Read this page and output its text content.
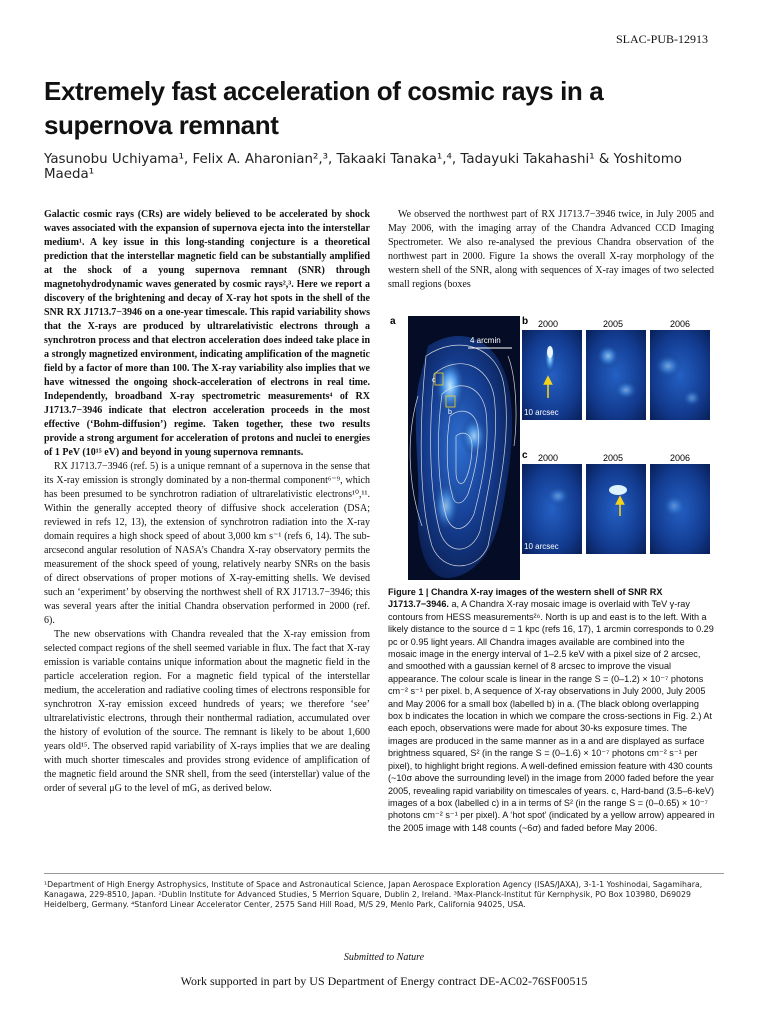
SLAC-PUB-12913
Extremely fast acceleration of cosmic rays in a supernova remnant
Yasunobu Uchiyama¹, Felix A. Aharonian²,³, Takaaki Tanaka¹,⁴, Tadayuki Takahashi¹ & Yoshitomo Maeda¹

Galactic cosmic rays (CRs) are widely believed to be accelerated by shock waves associated with the expansion of supernova ejecta into the interstellar medium¹. A key issue in this long-standing conjecture is a theoretical prediction that the interstellar magnetic field can be substantially amplified at the shock of a young supernova remnant (SNR) through magnetohydrodynamic waves generated by cosmic rays²,³. Here we report a discovery of the brightening and decay of X-ray hot spots in the shell of the SNR RX J1713.7−3946 on a one-year timescale. This rapid variability shows that the X-rays are produced by ultrarelativistic electrons through a synchrotron process and that electron acceleration does indeed take place in a strongly magnetized environment, indicating amplification of the magnetic field by a factor of more than 100. The X-ray variability also implies that we have witnessed the ongoing shock-acceleration of electrons in real time. Independently, broadband X-ray spectrometric measurements⁴ of RX J1713.7−3946 indicate that electron acceleration proceeds in the most effective (‘Bohm-diffusion’) regime. Taken together, these two results provide a strong argument for acceleration of protons and nuclei to energies of 1 PeV (10¹⁵ eV) and beyond in young supernova remnants.

RX J1713.7−3946 (ref. 5) is a unique remnant of a supernova in the sense that its X-ray emission is strongly dominated by a non-thermal component⁶⁻⁹, which has been presumed to be synchrotron radiation of ultrarelativistic electrons¹⁰,¹¹. Within the generally accepted theory of diffusive shock acceleration (DSA; reviewed in refs 12, 13), the extension of synchrotron radiation into the X-ray domain requires a high shock speed of about 3,000 km s⁻¹ (refs 6, 14). The sub-arcsecond angular resolution of NASA’s Chandra X-ray observatory permits the measurement of the shock speed of young, relatively nearby SNRs on the basis of direct observations of proper motions of X-ray-emitting shells. We devised such an ‘experiment’ by observing the northwest shell of RX J1713.7−3946; this was several years after the initial Chandra observation performed in 2000 (ref. 6).

The new observations with Chandra revealed that the X-ray emission from selected compact regions of the shell seemed variable in flux. The fact that X-ray emission is variable contains unique information about the magnetic field in the particle acceleration region. For a magnetic field typical of the interstellar medium, the acceleration and radiative cooling times of electrons responsible for synchrotron X-ray emission exceed hundreds of years; we therefore ‘see’ ultrarelativistic electrons, through their nonthermal radiation, accumulated over the history of evolution of the source. The remnant is likely to be about 1,600 years old¹⁵. The observed rapid variability of X-rays implies that we are dealing with much shorter timescales and provides strong evidence of amplification of the magnetic field around the SNR shell, from the seed (interstellar) value of the order of several μG to the level of mG, as derived below.

We observed the northwest part of RX J1713.7−3946 twice, in July 2005 and May 2006, with the imaging array of the Chandra Advanced CCD Imaging Spectrometer. We also re-analysed the previous Chandra observation of the northwest part in 2000. Figure 1a shows the overall X-ray morphology of the western shell of the SNR, along with sequences of X-ray images of two selected small regions (boxes

c
b
4 arcmin
a	b 2000	2005	2006
10 arcsec
c 2000	2005	2006
10 arcsec
Figure 1 | Chandra X-ray images of the western shell of SNR RX J1713.7−3946. a, A Chandra X-ray mosaic image is overlaid with TeV γ-ray contours from HESS measurements²⁶. North is up and east is to the left. With a likely distance to the source d = 1 kpc (refs 16, 17), 1 arcmin corresponds to 0.29 pc or 0.95 light years. All Chandra images available are combined into the mosaic image in the energy interval of 1–2.5 keV with a pixel size of 2 arcsec, and smoothed with a gaussian kernel of 8 arcsec to improve the visual appearance. The colour scale is linear in the range S = (0–1.2) × 10⁻⁷ photons cm⁻² s⁻¹ per pixel. b, A sequence of X-ray observations in July 2000, July 2005 and May 2006 for a small box (labelled b) in a. (The black oblong overlapping box b indicates the location in which we compare the cross-sections in Fig. 2.) At each epoch, observations were made for about 30-ks exposure times. The images are produced in the same manner as in a and are displayed as surface brightness squared, S² (in the range S = (0–1.6) × 10⁻⁷ photons cm⁻² s⁻¹ per pixel), to highlight bright regions. A well-defined emission feature with 430 counts (~10σ above the surrounding level) in the image from 2000 faded before the year 2005, revealing rapid variability on timescales of years. c, Hard-band (3.5–6-keV) images of a box (labelled c) in a in terms of S² (in the range S = (0–0.65) × 10⁻⁷ photons cm⁻² s⁻¹ per pixel). A ‘hot spot’ (indicated by a yellow arrow) appeared in the 2005 image with 148 counts (~6σ) and faded before May 2006.
¹Department of High Energy Astrophysics, Institute of Space and Astronautical Science, Japan Aerospace Exploration Agency (ISAS/JAXA), 3-1-1 Yoshinodai, Sagamihara, Kanagawa, 229-8510, Japan. ²Dublin Institute for Advanced Studies, 5 Merrion Square, Dublin 2, Ireland. ³Max-Planck-Institut für Kernphysik, PO Box 103980, D69029 Heidelberg, Germany. ⁴Stanford Linear Accelerator Center, 2575 Sand Hill Road, M/S 29, Menlo Park, California 94025, USA.
Submitted to Nature
Work supported in part by US Department of Energy contract DE-AC02-76SF00515
